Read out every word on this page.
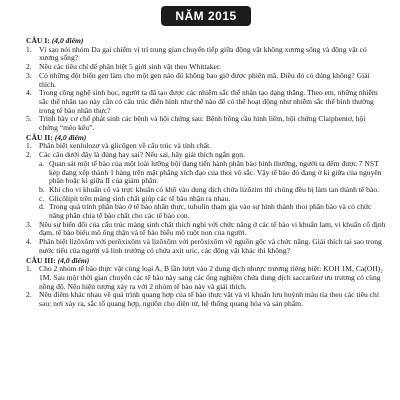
NĂM 2015
CÂU I: (4,0 điểm)
1. Vì sao nói nhóm Da gai chiếm vị trí trung gian chuyển tiếp giữa động vật không xương sống và động vật có xương sống?
2. Nêu các tiêu chí để phân biệt 5 giới sinh vật theo Whittaker.
3. Có những đột biến gen làm cho một gen nào đó không bao giờ được phiên mã. Điều đó có đúng không? Giải thích.
4. Trong công nghệ sinh học, người ta đã tạo được các nhiễm sắc thể nhân tạo dạng thẳng. Theo em, những nhiễm sắc thể nhân tạo này cần có cấu trúc điển hình như thế nào để có thể hoạt động như nhiễm sắc thể bình thường trong tế bào nhân thực?
5. Trình bày cơ chế phát sinh các bệnh và hội chứng sau: Bệnh hồng cầu hình liềm, hội chứng Claiphentơ, hội chứng “mèo kêu”.
CÂU II: (4,0 điểm)
1. Phân biệt xenlulozơ và glicôgen về cấu trúc và tính chất.
2. Các câu dưới đây là đúng hay sai? Nếu sai, hãy giải thích ngắn gọn.
a. Quan sát một tế bào của một loài lưỡng bội đang tiến hành phân bào bình thường, người ta đếm được 7 NST kép đang xếp thành 1 hàng trên mặt phẳng xích đạo của thoi vô sắc. Vậy tế bào đó đang ở kì giữa của nguyên phân hoặc kì giữa II của giảm phân.
b. Khi cho vi khuẩn cổ và trực khuẩn cỏ khô vào dung dịch chứa lizôzim thì chúng đều bị làm tan thành tế bào.
c. Glicôlipit trên màng sinh chất giúp các tế bào nhận ra nhau.
d. Trong quá trình phân bào ở tế bào nhân thực, tubulin tham gia vào sự hình thành thoi phân bào và có chức năng phân chia tế bào chất cho các tế bào con.
3. Nêu sự biến đổi của cấu trúc màng sinh chất thích nghi với chức năng ở các tế bào vi khuẩn lam, vi khuẩn cố định đạm, tế bào biểu mô ống thận và tế bào biểu mô ruột non của người.
4. Phân biệt lizôxôm với perôxixôm và lizôxôm với perôxixôm về nguồn gốc và chức năng. Giải thích tại sao trong nước tiểu của người và linh trưởng có chứa axit uric, các động vật khác thì không?
CÂU III: (4,0 điểm)
1. Cho 2 nhóm tế bào thực vật cùng loại A, B lần lượt vào 2 dung dịch nhược trương riêng biệt: KOH 1M, Ca(OH)₂ 1M. Sau một thời gian chuyển các tế bào này sang các ống nghiệm chứa dung dịch saccarôzơ ưu trương có cùng nồng độ. Nêu hiện tượng xảy ra với 2 nhóm tế bào này và giải thích.
2. Nêu điểm khác nhau về quá trình quang hợp của tế bào thực vật và vi khuẩn lưu huỳnh màu tía theo các tiêu chí sau: nơi xảy ra, sắc tố quang hợp, nguồn cho điện tử, hệ thống quang hóa và sản phẩm.
